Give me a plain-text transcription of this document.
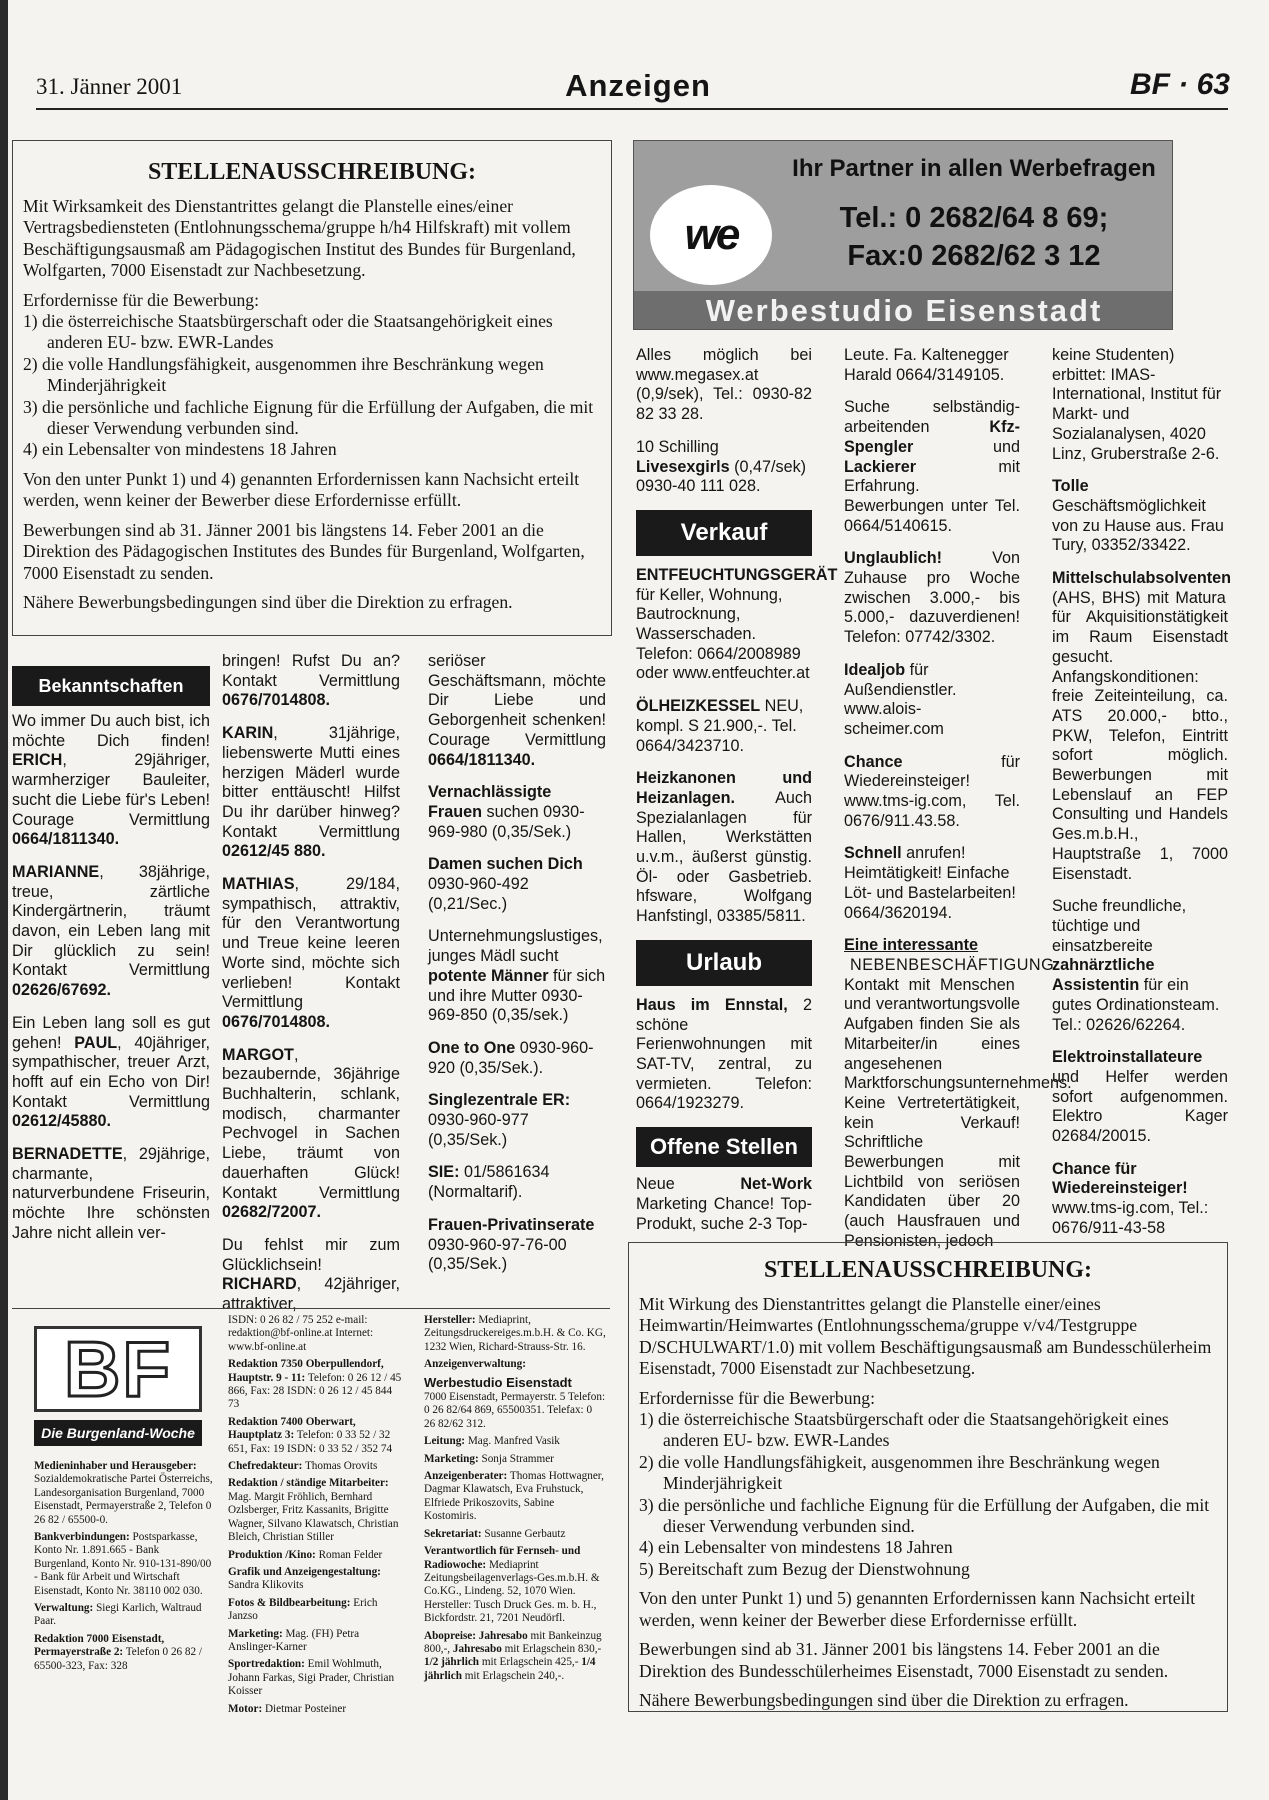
31. Jänner 2001	Anzeigen	BF · 63
STELLENAUSSCHREIBUNG:

Mit Wirksamkeit des Dienstantrittes gelangt die Planstelle eines/einer Vertragsbediensteten (Entlohnungsschema/gruppe h/h4 Hilfskraft) mit vollem Beschäftigungsausmaß am Pädagogischen Institut des Bundes für Burgenland, Wolfgarten, 7000 Eisenstadt zur Nachbesetzung.

Erfordernisse für die Bewerbung:

1) die österreichische Staatsbürgerschaft oder die Staatsangehörigkeit eines anderen EU- bzw. EWR-Landes
2) die volle Handlungsfähigkeit, ausgenommen ihre Beschränkung wegen Minderjährigkeit
3) die persönliche und fachliche Eignung für die Erfüllung der Aufgaben, die mit dieser Verwendung verbunden sind.
4) ein Lebensalter von mindestens 18 Jahren

Von den unter Punkt 1) und 4) genannten Erfordernissen kann Nachsicht erteilt werden, wenn keiner der Bewerber diese Erfordernisse erfüllt.

Bewerbungen sind ab 31. Jänner 2001 bis längstens 14. Feber 2001 an die Direktion des Pädagogischen Institutes des Bundes für Burgenland, Wolfgarten, 7000 Eisenstadt zu senden.

Nähere Bewerbungsbedingungen sind über die Direktion zu erfragen.

we
Ihr Partner in allen Werbefragen
Tel.: 0 2682/64 8 69;
Fax:0 2682/62 3 12
Werbestudio Eisenstadt
Bekanntschaften

Wo immer Du auch bist, ich möchte Dich finden! ERICH, 29jähriger, warmherziger Bauleiter, sucht die Liebe für's Leben! Courage Vermittlung 0664/1811340.

MARIANNE, 38jährige, treue, zärtliche Kindergärtnerin, träumt davon, ein Leben lang mit Dir glücklich zu sein! Kontakt Vermittlung 02626/67692.

Ein Leben lang soll es gut gehen! PAUL, 40jähriger, sympathischer, treuer Arzt, hofft auf ein Echo von Dir! Kontakt Vermittlung 02612/45880.

BERNADETTE, 29jährige, charmante, naturverbundene Friseurin, möchte Ihre schönsten Jahre nicht allein ver-

bringen! Rufst Du an? Kontakt Vermittlung 0676/7014808.

KARIN, 31jährige, liebenswerte Mutti eines herzigen Mäderl wurde bitter enttäuscht! Hilfst Du ihr darüber hinweg? Kontakt Vermittlung 02612/45 880.

MATHIAS, 29/184, sympathisch, attraktiv, für den Verantwortung und Treue keine leeren Worte sind, möchte sich verlieben! Kontakt Vermittlung 0676/7014808.

MARGOT, bezaubernde, 36jährige Buchhalterin, schlank, modisch, charmanter Pechvogel in Sachen Liebe, träumt von dauerhaften Glück! Kontakt Vermittlung 02682/72007.

Du fehlst mir zum Glücklichsein! RICHARD, 42jähriger, attraktiver,

seriöser Geschäftsmann, möchte Dir Liebe und Geborgenheit schenken! Courage Vermittlung 0664/1811340.

Vernachlässigte Frauen suchen 0930-969-980 (0,35/Sek.)

Damen suchen Dich 0930-960-492 (0,21/Sec.)

Unternehmungslustiges, junges Mädl sucht potente Männer für sich und ihre Mutter 0930-969-850 (0,35/sek.)

One to One 0930-960-920 (0,35/Sek.).

Singlezentrale ER: 0930-960-977 (0,35/Sek.)

SIE: 01/5861634 (Normaltarif).

Frauen-Privatinserate 0930-960-97-76-00 (0,35/Sek.)

Alles möglich bei www.megasex.at (0,9/sek), Tel.: 0930-82 82 33 28.

10 Schilling Livesexgirls (0,47/sek) 0930-40 111 028.

Verkauf

ENTFEUCHTUNGSGERÄT für Keller, Wohnung, Bautrocknung, Wasserschaden. Telefon: 0664/2008989 oder www.entfeuchter.at

ÖLHEIZKESSEL NEU, kompl. S 21.900,-. Tel. 0664/3423710.

Heizkanonen und Heizanlagen. Auch Spezialanlagen für Hallen, Werkstätten u.v.m., äußerst günstig. Öl- oder Gasbetrieb. hfsware, Wolfgang Hanfstingl, 03385/5811.

Urlaub

Haus im Ennstal, 2 schöne Ferienwohnungen mit SAT-TV, zentral, zu vermieten. Telefon: 0664/1923279.

Offene Stellen

Neue Net-Work Marketing Chance! Top-Produkt, suche 2-3 Top-

Leute. Fa. Kaltenegger Harald 0664/3149105.

Suche selbständig-arbeitenden Kfz-Spengler und Lackierer mit Erfahrung. Bewerbungen unter Tel. 0664/5140615.

Unglaublich! Von Zuhause pro Woche zwischen 3.000,- bis 5.000,- dazuverdienen! Telefon: 07742/3302.

Idealjob für Außendienstler. www.alois-scheimer.com

Chance für Wiedereinsteiger! www.tms-ig.com, Tel. 0676/911.43.58.

Schnell anrufen! Heimtätigkeit! Einfache Löt- und Bastelarbeiten! 0664/3620194.

Eine interessante
NEBENBESCHÄFTIGUNG Kontakt mit Menschen und verantwortungsvolle Aufgaben finden Sie als Mitarbeiter/in eines angesehenen Marktforschungsunternehmens. Keine Vertretertätigkeit, kein Verkauf! Schriftliche Bewerbungen mit Lichtbild von seriösen Kandidaten über 20 (auch Hausfrauen und Pensionisten, jedoch

keine Studenten) erbittet: IMAS-International, Institut für Markt- und Sozialanalysen, 4020 Linz, Gruberstraße 2-6.

Tolle Geschäftsmöglichkeit von zu Hause aus. Frau Tury, 03352/33422.

Mittelschulabsolventen (AHS, BHS) mit Matura für Akquisitionstätigkeit im Raum Eisenstadt gesucht. Anfangskonditionen: freie Zeiteinteilung, ca. ATS 20.000,- btto., PKW, Telefon, Eintritt sofort möglich. Bewerbungen mit Lebenslauf an FEP Consulting und Handels Ges.m.b.H., Hauptstraße 1, 7000 Eisenstadt.

Suche freundliche, tüchtige und einsatzbereite zahnärztliche Assistentin für ein gutes Ordinationsteam. Tel.: 02626/62264.

Elektroinstallateure und Helfer werden sofort aufgenommen. Elektro Kager 02684/20015.

Chance für Wiedereinsteiger!
www.tms-ig.com, Tel.: 0676/911-43-58

BF
Die Burgenland-Woche

Medieninhaber und Herausgeber: Sozialdemokratische Partei Österreichs, Landesorganisation Burgenland, 7000 Eisenstadt, Permayerstraße 2, Telefon 0 26 82 / 65500-0.

Bankverbindungen: Postsparkasse, Konto Nr. 1.891.665 - Bank Burgenland, Konto Nr. 910-131-890/00 - Bank für Arbeit und Wirtschaft Eisenstadt, Konto Nr. 38110 002 030.

Verwaltung: Siegi Karlich, Waltraud Paar.

Redaktion 7000 Eisenstadt, Permayerstraße 2: Telefon 0 26 82 / 65500-323, Fax: 328

ISDN: 0 26 82 / 75 252 e-mail: redaktion@bf-online.at Internet: www.bf-online.at

Redaktion 7350 Oberpullendorf, Hauptstr. 9 - 11: Telefon: 0 26 12 / 45 866, Fax: 28 ISDN: 0 26 12 / 45 844 73

Redaktion 7400 Oberwart, Hauptplatz 3: Telefon: 0 33 52 / 32 651, Fax: 19 ISDN: 0 33 52 / 352 74

Chefredakteur: Thomas Orovits

Redaktion / ständige Mitarbeiter: Mag. Margit Fröhlich, Bernhard Ozlsberger, Fritz Kassanits, Brigitte Wagner, Silvano Klawatsch, Christian Bleich, Christian Stiller

Produktion /Kino: Roman Felder

Grafik und Anzeigengestaltung: Sandra Klikovits

Fotos & Bildbearbeitung: Erich Janzso

Marketing: Mag. (FH) Petra Anslinger-Karner

Sportredaktion: Emil Wohlmuth, Johann Farkas, Sigi Prader, Christian Koisser

Motor: Dietmar Posteiner

Hersteller: Mediaprint, Zeitungsdruckereiges.m.b.H. & Co. KG, 1232 Wien, Richard-Strauss-Str. 16.

Anzeigenverwaltung:

Werbestudio Eisenstadt
7000 Eisenstadt, Permayerstr. 5 Telefon: 0 26 82/64 869, 65500351. Telefax: 0 26 82/62 312.

Leitung: Mag. Manfred Vasik

Marketing: Sonja Strammer

Anzeigenberater: Thomas Hottwagner, Dagmar Klawatsch, Eva Fruhstuck, Elfriede Prikoszovits, Sabine Kostomiris.

Sekretariat: Susanne Gerbautz

Verantwortlich für Fernseh- und Radiowoche: Mediaprint Zeitungsbeilagenverlags-Ges.m.b.H. & Co.KG., Lindeng. 52, 1070 Wien. Hersteller: Tusch Druck Ges. m. b. H., Bickfordstr. 21, 7201 Neudörfl.

Abopreise: Jahresabo mit Bankeinzug 800,-, Jahresabo mit Erlagschein 830,- 1/2 jährlich mit Erlagschein 425,- 1/4 jährlich mit Erlagschein 240,-.

STELLENAUSSCHREIBUNG:

Mit Wirkung des Dienstantrittes gelangt die Planstelle einer/eines Heimwartin/Heimwartes (Entlohnungsschema/gruppe v/v4/Testgruppe D/SCHULWART/1.0) mit vollem Beschäftigungsausmaß am Bundesschülerheim Eisenstadt, 7000 Eisenstadt zur Nachbesetzung.

Erfordernisse für die Bewerbung:

1) die österreichische Staatsbürgerschaft oder die Staatsangehörigkeit eines anderen EU- bzw. EWR-Landes
2) die volle Handlungsfähigkeit, ausgenommen ihre Beschränkung wegen Minderjährigkeit
3) die persönliche und fachliche Eignung für die Erfüllung der Aufgaben, die mit dieser Verwendung verbunden sind.
4) ein Lebensalter von mindestens 18 Jahren
5) Bereitschaft zum Bezug der Dienstwohnung

Von den unter Punkt 1) und 5) genannten Erfordernissen kann Nachsicht erteilt werden, wenn keiner der Bewerber diese Erfordernisse erfüllt.

Bewerbungen sind ab 31. Jänner 2001 bis längstens 14. Feber 2001 an die Direktion des Bundesschülerheimes Eisenstadt, 7000 Eisenstadt zu senden.

Nähere Bewerbungsbedingungen sind über die Direktion zu erfragen.
